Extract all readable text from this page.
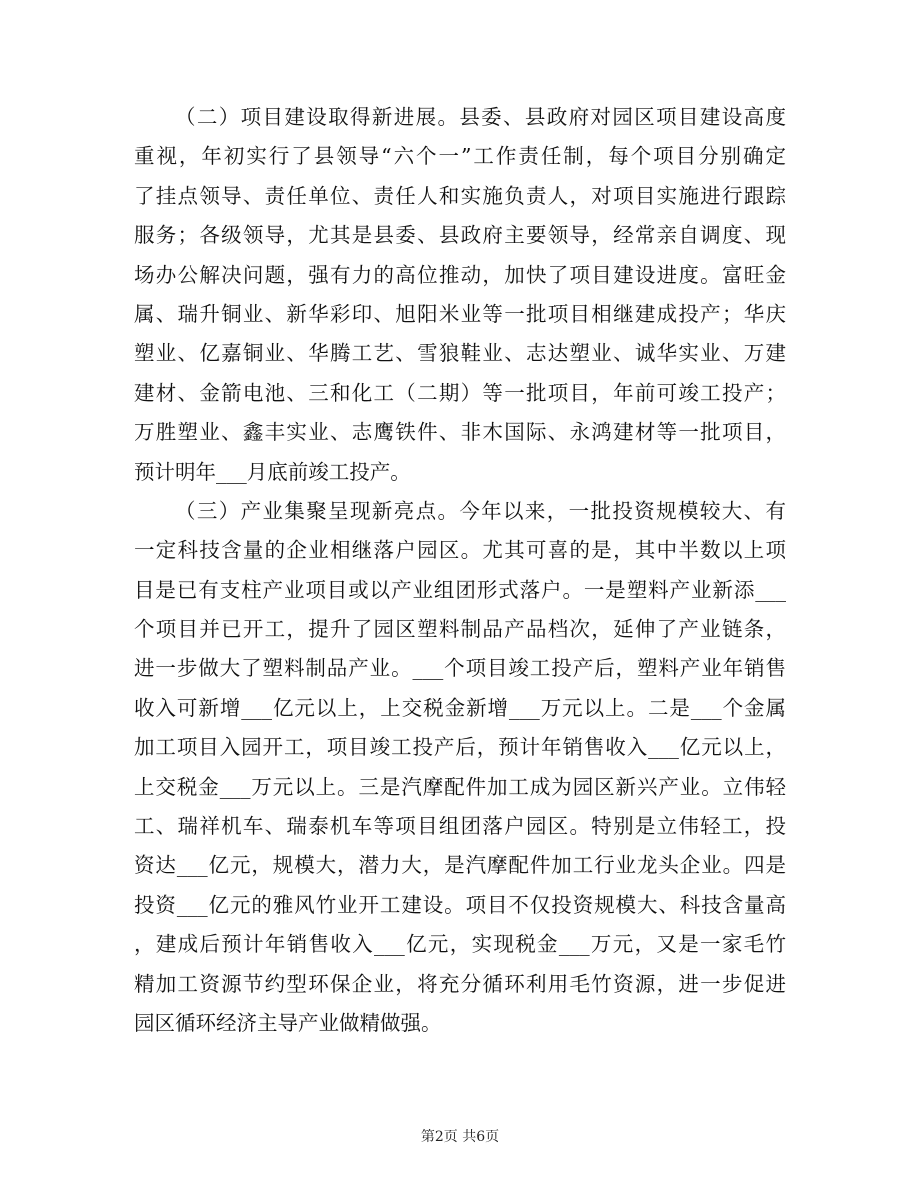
（二）项目建设取得新进展。县委、县政府对园区项目建设高度
重视，年初实行了县领导“六个一”工作责任制，每个项目分别确定
了挂点领导、责任单位、责任人和实施负责人，对项目实施进行跟踪
服务；各级领导，尤其是县委、县政府主要领导，经常亲自调度、现
场办公解决问题，强有力的高位推动，加快了项目建设进度。富旺金
属、瑞升铜业、新华彩印、旭阳米业等一批项目相继建成投产；华庆
塑业、亿嘉铜业、华腾工艺、雪狼鞋业、志达塑业、诚华实业、万建
建材、金箭电池、三和化工（二期）等一批项目，年前可竣工投产；
万胜塑业、鑫丰实业、志鹰铁件、非木国际、永鸿建材等一批项目，
预计明年___月底前竣工投产。
（三）产业集聚呈现新亮点。今年以来，一批投资规模较大、有
一定科技含量的企业相继落户园区。尤其可喜的是，其中半数以上项
目是已有支柱产业项目或以产业组团形式落户。一是塑料产业新添___
个项目并已开工，提升了园区塑料制品产品档次，延伸了产业链条，
进一步做大了塑料制品产业。___个项目竣工投产后，塑料产业年销售
收入可新增___亿元以上，上交税金新增___万元以上。二是___个金属
加工项目入园开工，项目竣工投产后，预计年销售收入___亿元以上，
上交税金___万元以上。三是汽摩配件加工成为园区新兴产业。立伟轻
工、瑞祥机车、瑞泰机车等项目组团落户园区。特别是立伟轻工，投
资达___亿元，规模大，潜力大，是汽摩配件加工行业龙头企业。四是
投资___亿元的雅风竹业开工建设。项目不仅投资规模大、科技含量高
，建成后预计年销售收入___亿元，实现税金___万元，又是一家毛竹
精加工资源节约型环保企业，将充分循环利用毛竹资源，进一步促进
园区循环经济主导产业做精做强。
第2页 共6页
